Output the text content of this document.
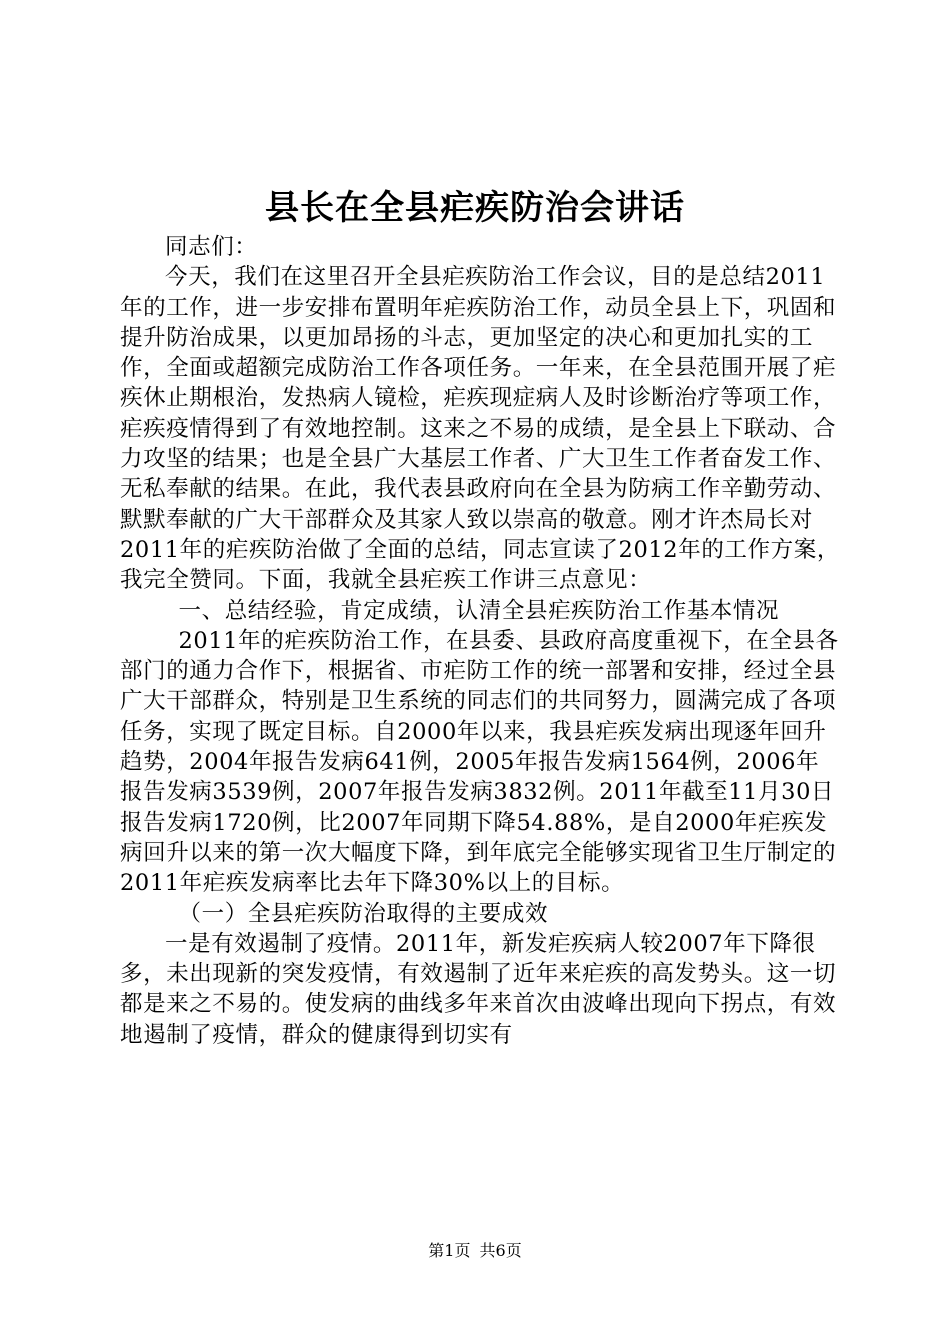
县长在全县疟疾防治会讲话

同志们：

今天，我们在这里召开全县疟疾防治工作会议，目的是总结2011年的工作，进一步安排布置明年疟疾防治工作，动员全县上下，巩固和提升防治成果，以更加昂扬的斗志，更加坚定的决心和更加扎实的工作，全面或超额完成防治工作各项任务。一年来，在全县范围开展了疟疾休止期根治，发热病人镜检，疟疾现症病人及时诊断治疗等项工作，疟疾疫情得到了有效地控制。这来之不易的成绩，是全县上下联动、合力攻坚的结果；也是全县广大基层工作者、广大卫生工作者奋发工作、无私奉献的结果。在此，我代表县政府向在全县为防病工作辛勤劳动、默默奉献的广大干部群众及其家人致以崇高的敬意。刚才许杰局长对2011年的疟疾防治做了全面的总结，同志宣读了2012年的工作方案，我完全赞同。下面，我就全县疟疾工作讲三点意见：

一、总结经验，肯定成绩，认清全县疟疾防治工作基本情况

2011年的疟疾防治工作，在县委、县政府高度重视下，在全县各部门的通力合作下，根据省、市疟防工作的统一部署和安排，经过全县广大干部群众，特别是卫生系统的同志们的共同努力，圆满完成了各项任务，实现了既定目标。自2000年以来，我县疟疾发病出现逐年回升趋势，2004年报告发病641例，2005年报告发病1564例，2006年报告发病3539例，2007年报告发病3832例。2011年截至11月30日报告发病1720例，比2007年同期下降54.88%，是自2000年疟疾发病回升以来的第一次大幅度下降，到年底完全能够实现省卫生厅制定的2011年疟疾发病率比去年下降30%以上的目标。

（一）全县疟疾防治取得的主要成效

一是有效遏制了疫情。2011年，新发疟疾病人较2007年下降很多，未出现新的突发疫情，有效遏制了近年来疟疾的高发势头。这一切都是来之不易的。使发病的曲线多年来首次由波峰出现向下拐点，有效地遏制了疫情，群众的健康得到切实有

第1页 共6页
